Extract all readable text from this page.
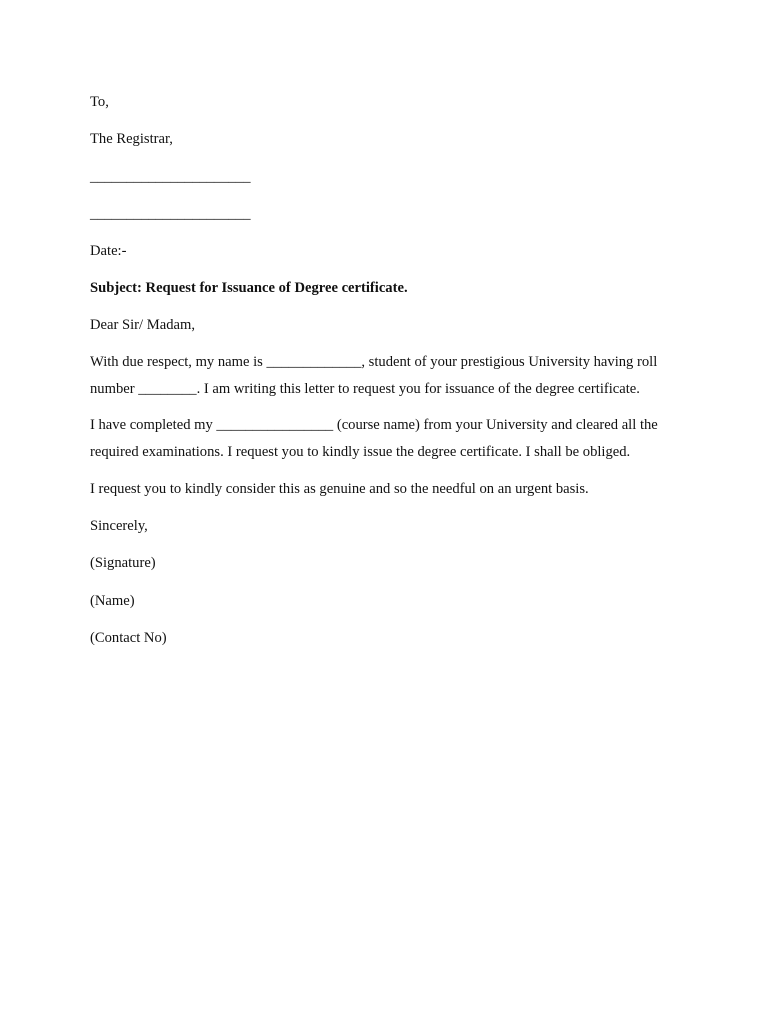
To,

The Registrar,

______________________

______________________

Date:-

Subject: Request for Issuance of Degree certificate.

Dear Sir/ Madam,

With due respect, my name is _____________, student of your prestigious University having roll

number ________. I am writing this letter to request you for issuance of the degree certificate.

I have completed my ________________ (course name) from your University and cleared all the

required examinations. I request you to kindly issue the degree certificate. I shall be obliged.

I request you to kindly consider this as genuine and so the needful on an urgent basis.

Sincerely,

(Signature)

(Name)

(Contact No)
